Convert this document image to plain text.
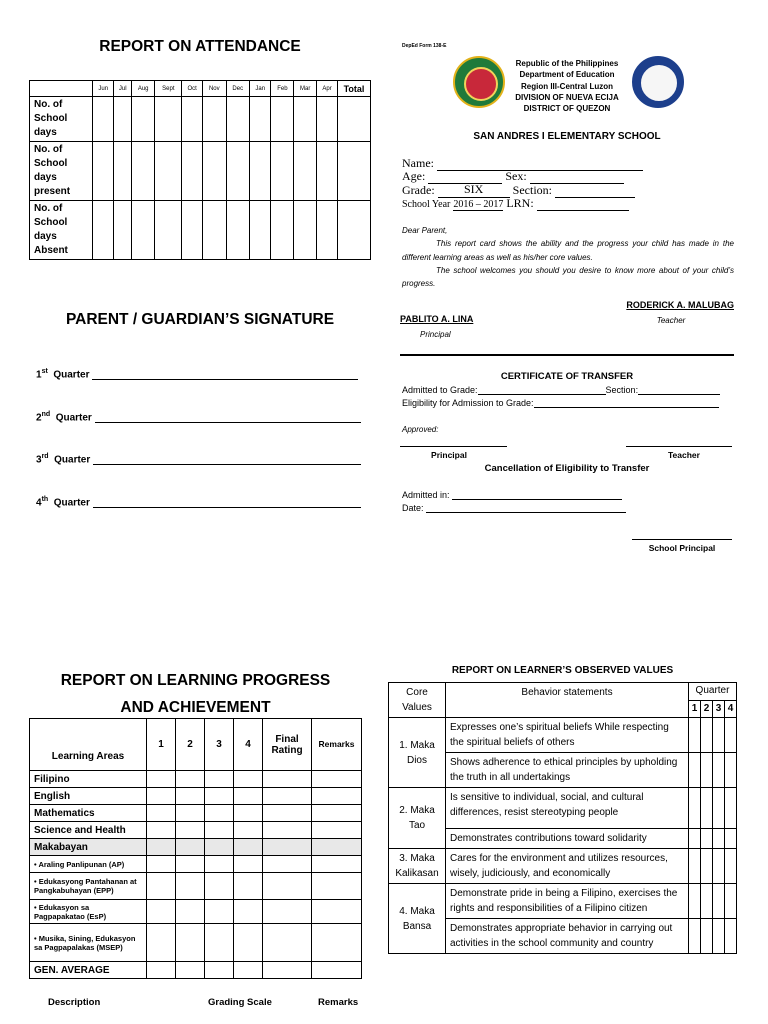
REPORT ON ATTENDANCE
	Jun	Jul	Aug	Sept	Oct	Nov	Dec	Jan	Feb	Mar	Apr	Total
No. of School days												
No. of School days present												
No. of School days Absent												
PARENT / GUARDIAN’S SIGNATURE
1st Quarter
2nd Quarter
3rd Quarter
4th Quarter
DepEd Form 138-E
Republic of the Philippines
Department of Education
Region III-Central Luzon
DIVISION OF NUEVA ECIJA
DISTRICT OF QUEZON
SAN ANDRES I ELEMENTARY SCHOOL
Name:
Age:	Sex:
Grade: SIX Section:
School Year 2016 – 2017 LRN:
Dear Parent,
This report card shows the ability and the progress your child has made in the different learning areas as well as his/her core values.
The school welcomes you should you desire to know more about of your child’s progress.
RODERICK A. MALUBAG
Teacher
PABLITO A. LINA
Principal
CERTIFICATE OF TRANSFER
Admitted to Grade:	Section:
Eligibility for Admission to Grade:
Approved:
Principal	Teacher
Cancellation of Eligibility to Transfer
Admitted in:
Date:
School Principal
REPORT ON LEARNING PROGRESS
AND ACHIEVEMENT
Learning Areas	1	2	3	4	Final Rating	Remarks
Filipino						
English						
Mathematics						
Science and Health						
Makabayan						
• Araling Panlipunan (AP)						
• Edukasyong Pantahanan at Pangkabuhayan (EPP)						
• Edukasyon sa Pagpapakatao (EsP)						
• Musika, Sining, Edukasyon sa Pagpapalakas (MSEP)						
GEN. AVERAGE						
Description	Grading Scale	Remarks
REPORT ON LEARNER’S OBSERVED VALUES
Core Values	Behavior statements	Quarter			
		1	2	3	4
1. Maka Dios	Expresses one’s spiritual beliefs While respecting the spiritual beliefs of others				
	Shows adherence to ethical principles by upholding the truth in all undertakings				
2. Maka Tao	Is sensitive to individual, social, and cultural differences, resist stereotyping people				
	Demonstrates contributions toward solidarity				
3. Maka Kalikasan	Cares for the environment and utilizes resources, wisely, judiciously, and economically				
4. Maka Bansa	Demonstrate pride in being a Filipino, exercises the rights and responsibilities of a Filipino citizen				
	Demonstrates appropriate behavior in carrying out activities in the school community and country				
